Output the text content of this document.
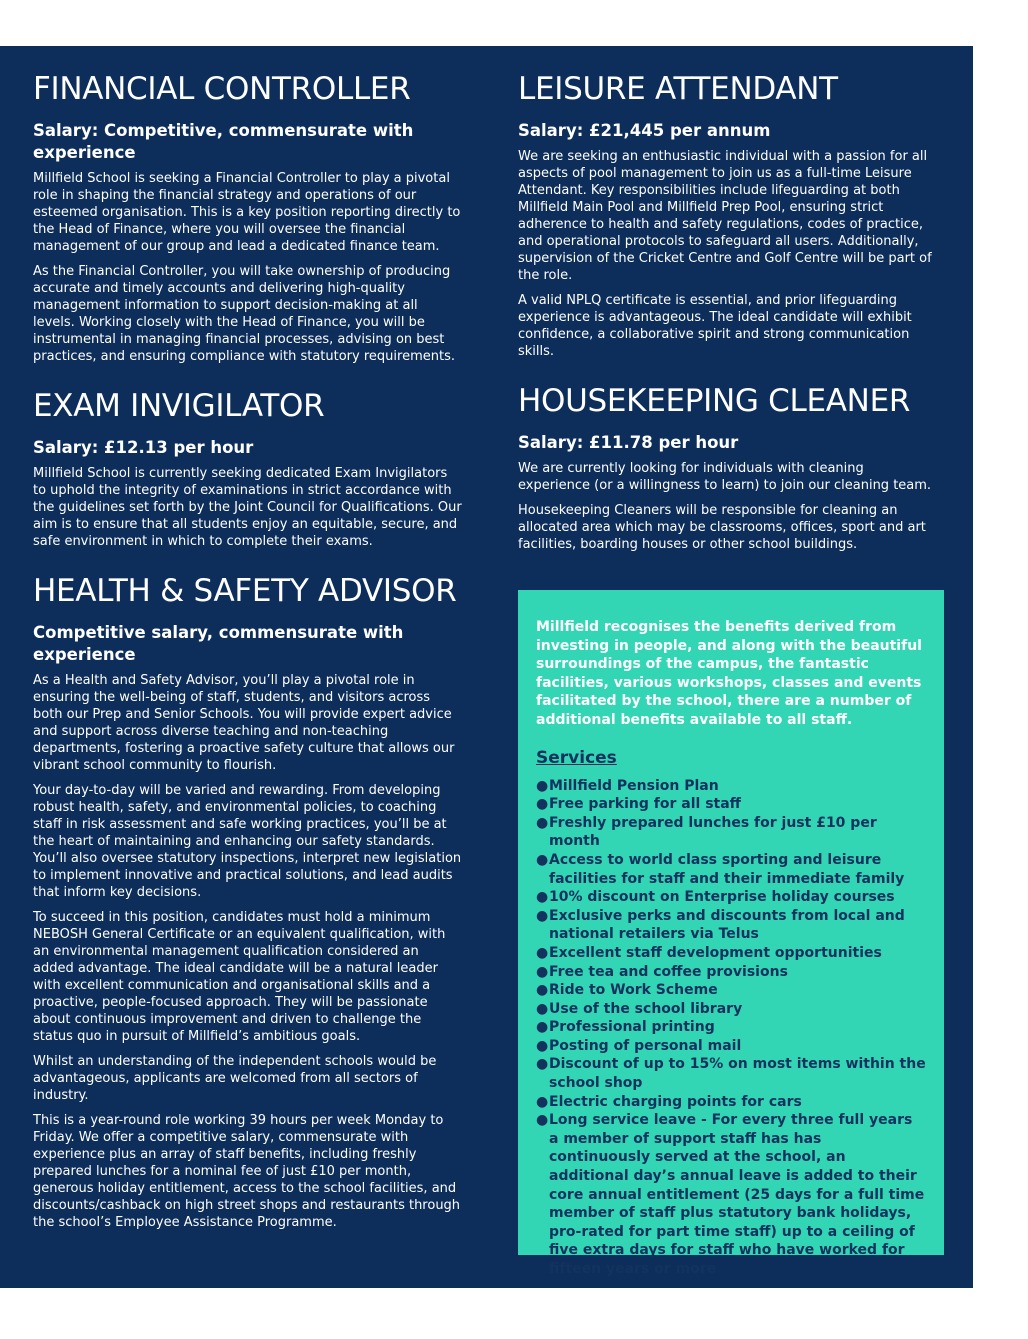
FINANCIAL CONTROLLER
Salary: Competitive, commensurate with experience

Millfield School is seeking a Financial Controller to play a pivotal role in shaping the financial strategy and operations of our esteemed organisation. This is a key position reporting directly to the Head of Finance, where you will oversee the financial management of our group and lead a dedicated finance team.

As the Financial Controller, you will take ownership of producing accurate and timely accounts and delivering high-quality management information to support decision-making at all levels. Working closely with the Head of Finance, you will be instrumental in managing financial processes, advising on best practices, and ensuring compliance with statutory requirements.

EXAM INVIGILATOR
Salary: £12.13 per hour

Millfield School is currently seeking dedicated Exam Invigilators to uphold the integrity of examinations in strict accordance with the guidelines set forth by the Joint Council for Qualifications. Our aim is to ensure that all students enjoy an equitable, secure, and safe environment in which to complete their exams.

HEALTH & SAFETY ADVISOR
Competitive salary, commensurate with experience

As a Health and Safety Advisor, you’ll play a pivotal role in ensuring the well-being of staff, students, and visitors across both our Prep and Senior Schools. You will provide expert advice and support across diverse teaching and non-teaching departments, fostering a proactive safety culture that allows our vibrant school community to flourish.

Your day-to-day will be varied and rewarding. From developing robust health, safety, and environmental policies, to coaching staff in risk assessment and safe working practices, you’ll be at the heart of maintaining and enhancing our safety standards. You’ll also oversee statutory inspections, interpret new legislation to implement innovative and practical solutions, and lead audits that inform key decisions.

To succeed in this position, candidates must hold a minimum NEBOSH General Certificate or an equivalent qualification, with an environmental management qualification considered an added advantage. The ideal candidate will be a natural leader with excellent communication and organisational skills and a proactive, people-focused approach. They will be passionate about continuous improvement and driven to challenge the status quo in pursuit of Millfield’s ambitious goals.

Whilst an understanding of the independent schools would be advantageous, applicants are welcomed from all sectors of industry.

This is a year-round role working 39 hours per week Monday to Friday. We offer a competitive salary, commensurate with experience plus an array of staff benefits, including freshly prepared lunches for a nominal fee of just £10 per month, generous holiday entitlement, access to the school facilities, and discounts/cashback on high street shops and restaurants through the school’s Employee Assistance Programme.

LEISURE ATTENDANT
Salary: £21,445 per annum

We are seeking an enthusiastic individual with a passion for all aspects of pool management to join us as a full-time Leisure Attendant. Key responsibilities include lifeguarding at both Millfield Main Pool and Millfield Prep Pool, ensuring strict adherence to health and safety regulations, codes of practice, and operational protocols to safeguard all users. Additionally, supervision of the Cricket Centre and Golf Centre will be part of the role.

A valid NPLQ certificate is essential, and prior lifeguarding experience is advantageous. The ideal candidate will exhibit confidence, a collaborative spirit and strong communication skills.

HOUSEKEEPING CLEANER
Salary: £11.78 per hour

We are currently looking for individuals with cleaning experience (or a willingness to learn) to join our cleaning team.

Housekeeping Cleaners will be responsible for cleaning an allocated area which may be classrooms, offices, sport and art facilities, boarding houses or other school buildings.

Millfield recognises the benefits derived from investing in people, and along with the beautiful surroundings of the campus, the fantastic facilities, various workshops, classes and events facilitated by the school, there are a number of additional benefits available to all staff.

Services
● Millfield Pension Plan
● Free parking for all staff
● Freshly prepared lunches for just £10 per month
● Access to world class sporting and leisure facilities for staff and their immediate family
● 10% discount on Enterprise holiday courses
● Exclusive perks and discounts from local and national retailers via Telus
● Excellent staff development opportunities
● Free tea and coffee provisions
● Ride to Work Scheme
● Use of the school library
● Professional printing
● Posting of personal mail
● Discount of up to 15% on most items within the school shop
● Electric charging points for cars
● Long service leave - For every three full years a member of support staff has has continuously served at the school, an additional day’s annual leave is added to their core annual entitlement (25 days for a full time member of staff plus statutory bank holidays, pro-rated for part time staff) up to a ceiling of five extra days for staff who have worked for fifteen years or more
